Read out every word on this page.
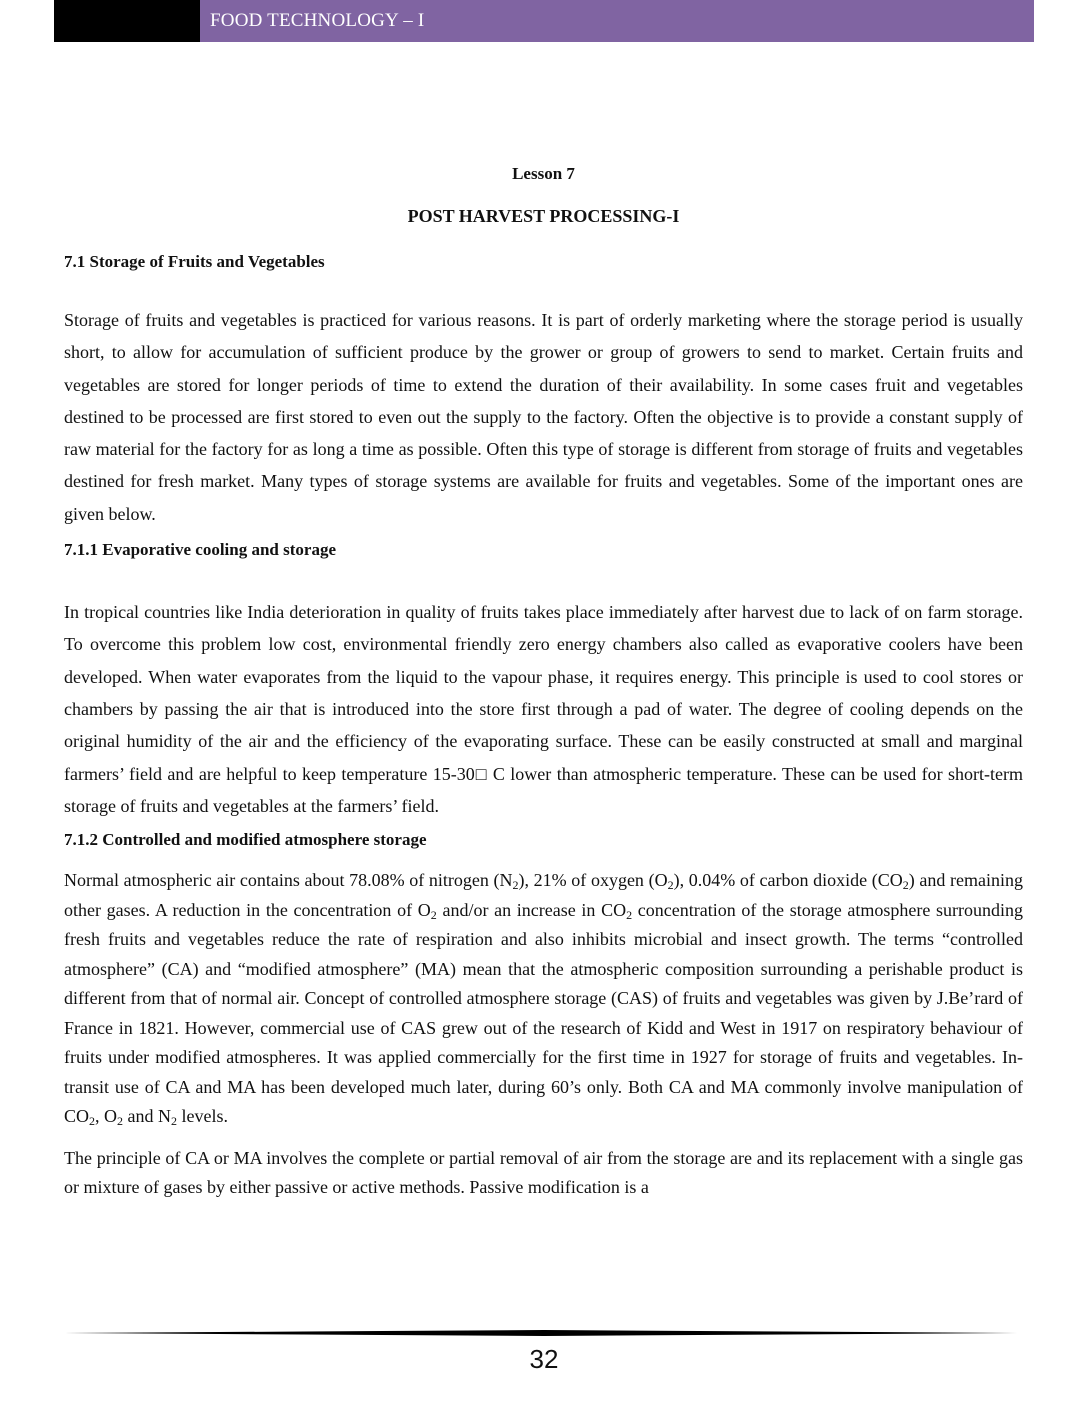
FOOD TECHNOLOGY – I
Lesson 7
POST HARVEST PROCESSING-I
7.1 Storage of Fruits and Vegetables

Storage of fruits and vegetables is practiced for various reasons. It is part of orderly marketing where the storage period is usually short, to allow for accumulation of sufficient produce by the grower or group of growers to send to market. Certain fruits and vegetables are stored for longer periods of time to extend the duration of their availability. In some cases fruit and vegetables destined to be processed are first stored to even out the supply to the factory. Often the objective is to provide a constant supply of raw material for the factory for as long a time as possible. Often this type of storage is different from storage of fruits and vegetables destined for fresh market. Many types of storage systems are available for fruits and vegetables. Some of the important ones are given below.

7.1.1 Evaporative cooling and storage

In tropical countries like India deterioration in quality of fruits takes place immediately after harvest due to lack of on farm storage. To overcome this problem low cost, environmental friendly zero energy chambers also called as evaporative coolers have been developed. When water evaporates from the liquid to the vapour phase, it requires energy. This principle is used to cool stores or chambers by passing the air that is introduced into the store first through a pad of water. The degree of cooling depends on the original humidity of the air and the efficiency of the evaporating surface. These can be easily constructed at small and marginal farmers’ field and are helpful to keep temperature 15-30□ C lower than atmospheric temperature. These can be used for short-term storage of fruits and vegetables at the farmers’ field.

7.1.2 Controlled and modified atmosphere storage

Normal atmospheric air contains about 78.08% of nitrogen $(N_2)$, 21% of oxygen $(O_2)$, 0.04% of carbon dioxide $(CO_2)$ and remaining other gases. A reduction in the concentration of $O_2$ and/or an increase in $CO_2$ concentration of the storage atmosphere surrounding fresh fruits and vegetables reduce the rate of respiration and also inhibits microbial and insect growth. The terms “controlled atmosphere” (CA) and “modified atmosphere” (MA) mean that the atmospheric composition surrounding a perishable product is different from that of normal air. Concept of controlled atmosphere storage (CAS) of fruits and vegetables was given by J.Be’rard of France in 1821. However, commercial use of CAS grew out of the research of Kidd and West in 1917 on respiratory behaviour of fruits under modified atmospheres. It was applied commercially for the first time in 1927 for storage of fruits and vegetables. In-transit use of CA and MA has been developed much later, during 60’s only. Both CA and MA commonly involve manipulation of $CO_2$, $O_2$ and $N_2$ levels.

The principle of CA or MA involves the complete or partial removal of air from the storage are and its replacement with a single gas or mixture of gases by either passive or active methods. Passive modification is a

32
